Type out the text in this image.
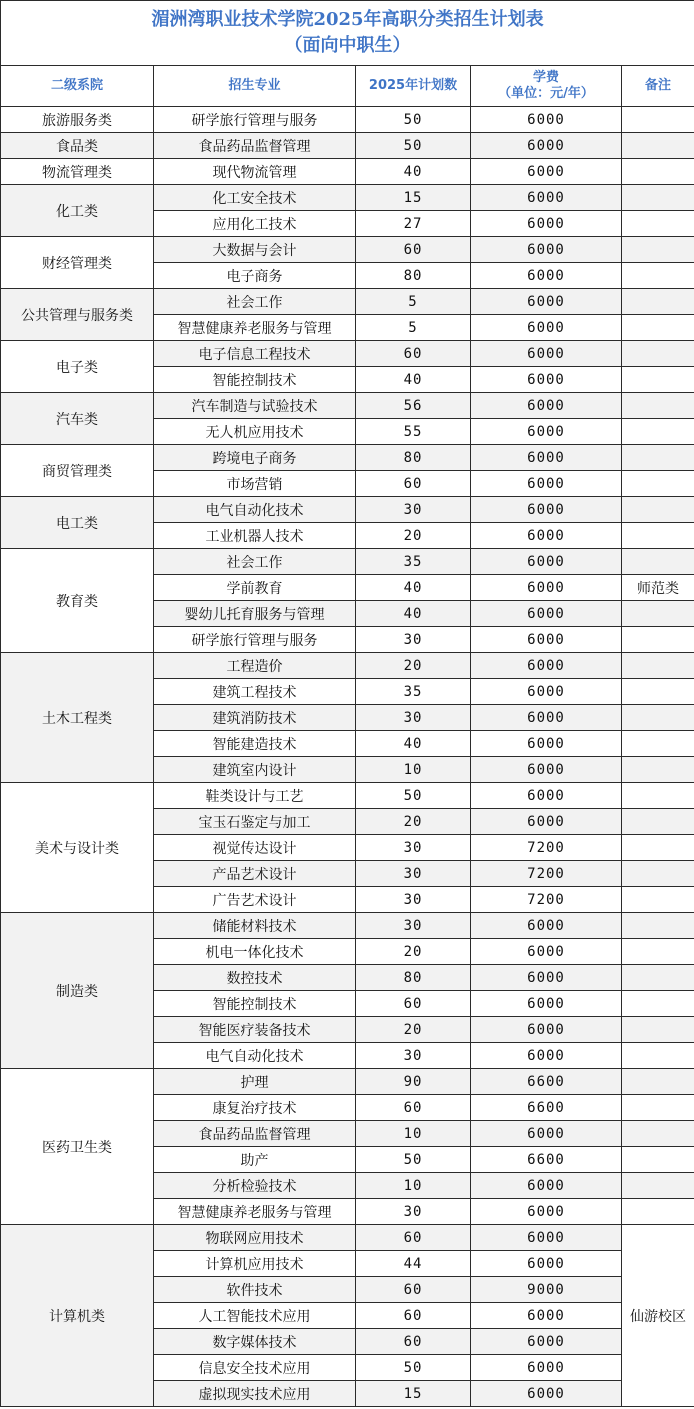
湄洲湾职业技术学院2025年高职分类招生计划表
（面向中职生）				

二级系院	招生专业	2025年计划数	学费
（单位：元/年）	备注
旅游服务类	研学旅行管理与服务	50	6000	
食品类	食品药品监督管理	50	6000	
物流管理类	现代物流管理	40	6000	
化工类	化工安全技术	15	6000	
	应用化工技术	27	6000	
财经管理类	大数据与会计	60	6000	
	电子商务	80	6000	
公共管理与服务类	社会工作	5	6000	
	智慧健康养老服务与管理	5	6000	
电子类	电子信息工程技术	60	6000	
	智能控制技术	40	6000	
汽车类	汽车制造与试验技术	56	6000	
	无人机应用技术	55	6000	
商贸管理类	跨境电子商务	80	6000	
	市场营销	60	6000	
电工类	电气自动化技术	30	6000	
	工业机器人技术	20	6000	
教育类	社会工作	35	6000	
	学前教育	40	6000	师范类
	婴幼儿托育服务与管理	40	6000	
	研学旅行管理与服务	30	6000	
土木工程类	工程造价	20	6000	
	建筑工程技术	35	6000	
	建筑消防技术	30	6000	
	智能建造技术	40	6000	
	建筑室内设计	10	6000	
美术与设计类	鞋类设计与工艺	50	6000	
	宝玉石鉴定与加工	20	6000	
	视觉传达设计	30	7200	
	产品艺术设计	30	7200	
	广告艺术设计	30	7200	
制造类	储能材料技术	30	6000	
	机电一体化技术	20	6000	
	数控技术	80	6000	
	智能控制技术	60	6000	
	智能医疗装备技术	20	6000	
	电气自动化技术	30	6000	
医药卫生类	护理	90	6600	
	康复治疗技术	60	6600	
	食品药品监督管理	10	6000	
	助产	50	6600	
	分析检验技术	10	6000	
	智慧健康养老服务与管理	30	6000	
计算机类	物联网应用技术	60	6000	仙游校区
	计算机应用技术	44	6000	
	软件技术	60	9000	
	人工智能技术应用	60	6000	
	数字媒体技术	60	6000	
	信息安全技术应用	50	6000	
	虚拟现实技术应用	15	6000	
